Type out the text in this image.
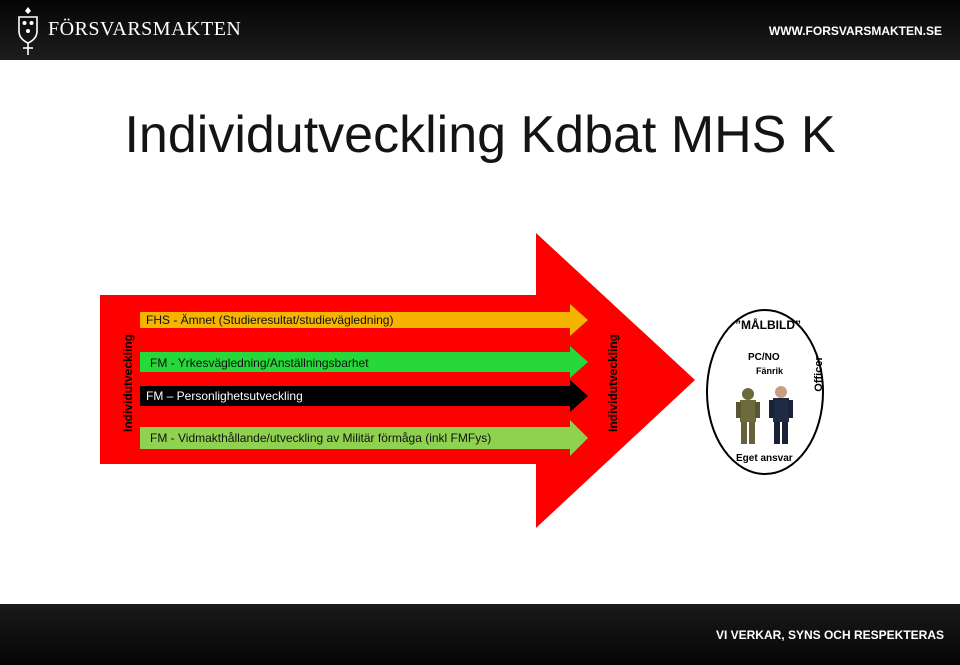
FÖRSVARSMAKTEN	WWW.FORSVARSMAKTEN.SE
Individutveckling Kdbat MHS K
Individutveckling	Individutveckling
FHS - Ämnet (Studieresultat/studievägledning)
FM - Yrkesvägledning/Anställningsbarhet
FM – Personlighetsutveckling
FM - Vidmakthållande/utveckling av Militär förmåga (inkl FMFys)
”MÅLBILD”
PC/NO
Fänrik	Officer
Eget ansvar
VI VERKAR, SYNS OCH RESPEKTERAS
